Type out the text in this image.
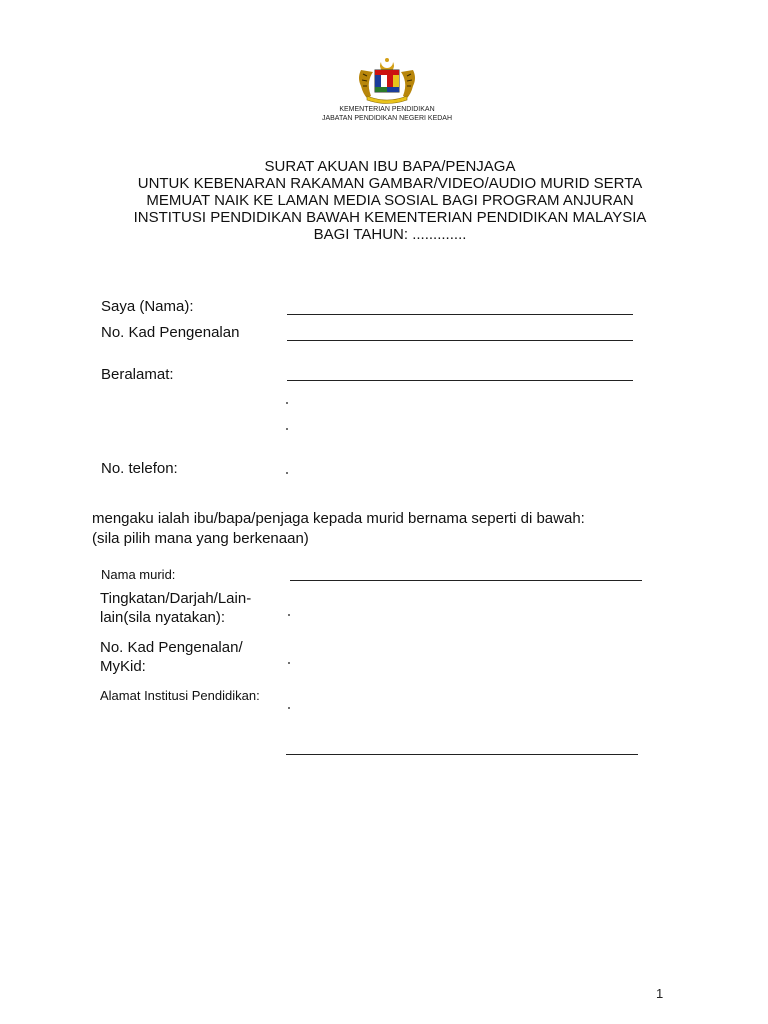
KEMENTERIAN PENDIDIKAN
JABATAN PENDIDIKAN NEGERI KEDAH
SURAT AKUAN IBU BAPA/PENJAGA
UNTUK KEBENARAN RAKAMAN GAMBAR/VIDEO/AUDIO MURID SERTA
MEMUAT NAIK KE LAMAN MEDIA SOSIAL BAGI PROGRAM ANJURAN
INSTITUSI PENDIDIKAN BAWAH KEMENTERIAN PENDIDIKAN MALAYSIA
BAGI TAHUN: .............
Saya (Nama):
No. Kad Pengenalan
Beralamat:
No. telefon:
mengaku ialah ibu/bapa/penjaga kepada murid bernama seperti di bawah:
(sila pilih mana yang berkenaan)
Nama murid:
Tingkatan/Darjah/Lain-
lain(sila nyatakan):
No. Kad Pengenalan/
MyKid:
Alamat Institusi Pendidikan:
1
